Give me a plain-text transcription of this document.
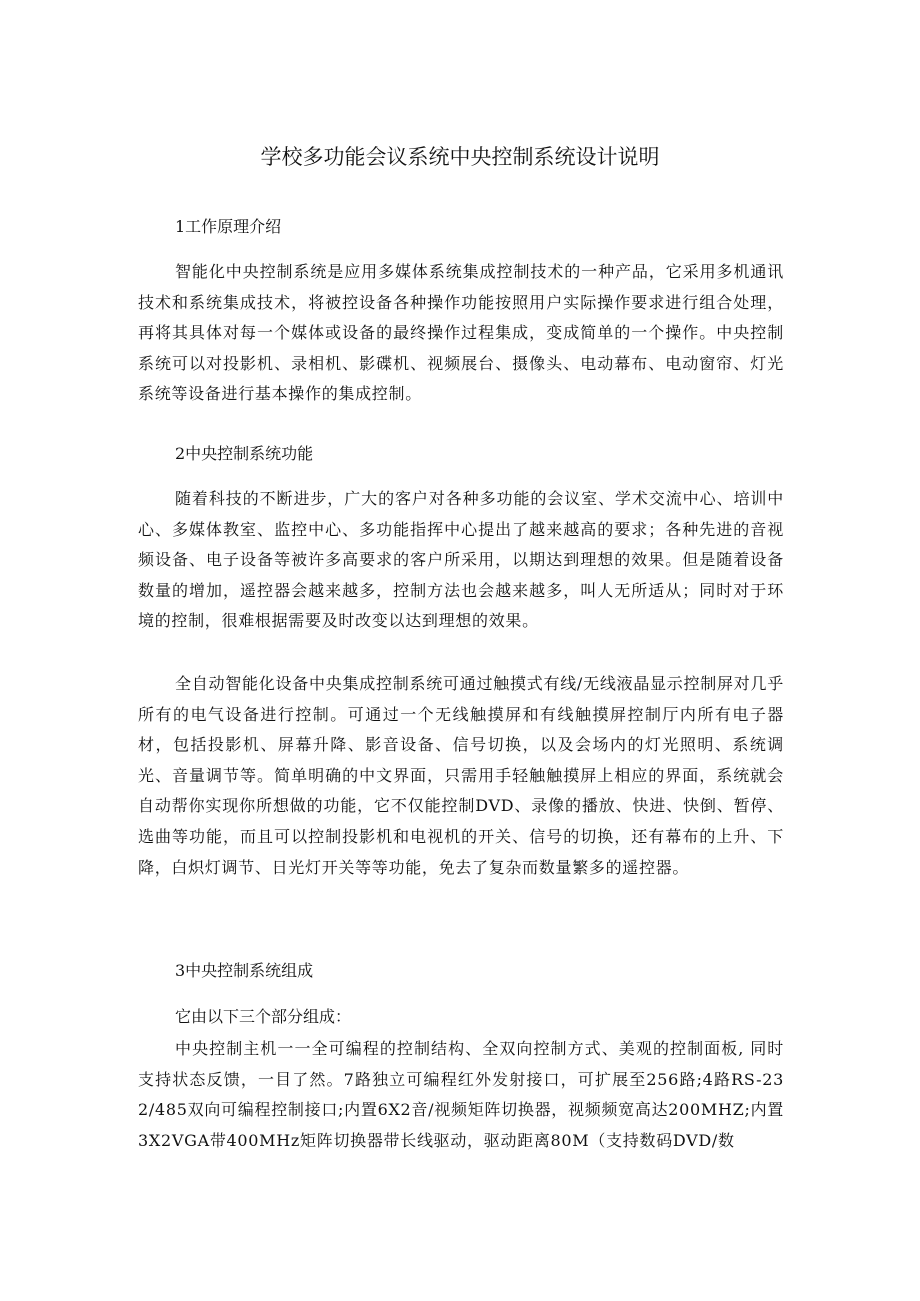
学校多功能会议系统中央控制系统设计说明

1工作原理介绍

智能化中央控制系统是应用多媒体系统集成控制技术的一种产品，它采用多机通讯技术和系统集成技术，将被控设备各种操作功能按照用户实际操作要求进行组合处理，再将其具体对每一个媒体或设备的最终操作过程集成，变成简单的一个操作。中央控制系统可以对投影机、录相机、影碟机、视频展台、摄像头、电动幕布、电动窗帘、灯光系统等设备进行基本操作的集成控制。

2中央控制系统功能

随着科技的不断进步，广大的客户对各种多功能的会议室、学术交流中心、培训中心、多媒体教室、监控中心、多功能指挥中心提出了越来越高的要求；各种先进的音视频设备、电子设备等被许多高要求的客户所采用，以期达到理想的效果。但是随着设备数量的增加，遥控器会越来越多，控制方法也会越来越多，叫人无所适从；同时对于环境的控制，很难根据需要及时改变以达到理想的效果。

全自动智能化设备中央集成控制系统可通过触摸式有线/无线液晶显示控制屏对几乎所有的电气设备进行控制。可通过一个无线触摸屏和有线触摸屏控制厅内所有电子器材，包括投影机、屏幕升降、影音设备、信号切换，以及会场内的灯光照明、系统调光、音量调节等。简单明确的中文界面，只需用手轻触触摸屏上相应的界面，系统就会自动帮你实现你所想做的功能，它不仅能控制DVD、录像的播放、快进、快倒、暂停、选曲等功能，而且可以控制投影机和电视机的开关、信号的切换，还有幕布的上升、下降，白炽灯调节、日光灯开关等等功能，免去了复杂而数量繁多的遥控器。

3中央控制系统组成

它由以下三个部分组成：

中央控制主机一一全可编程的控制结构、全双向控制方式、美观的控制面板, 同时支持状态反馈，一目了然。7路独立可编程红外发射接口，可扩展至256路;4路RS-232/485双向可编程控制接口;内置6X2音/视频矩阵切换器，视频频宽高达200MHZ;内置3X2VGA带400MHz矩阵切换器带长线驱动，驱动距离80M（支持数码DVD/数
